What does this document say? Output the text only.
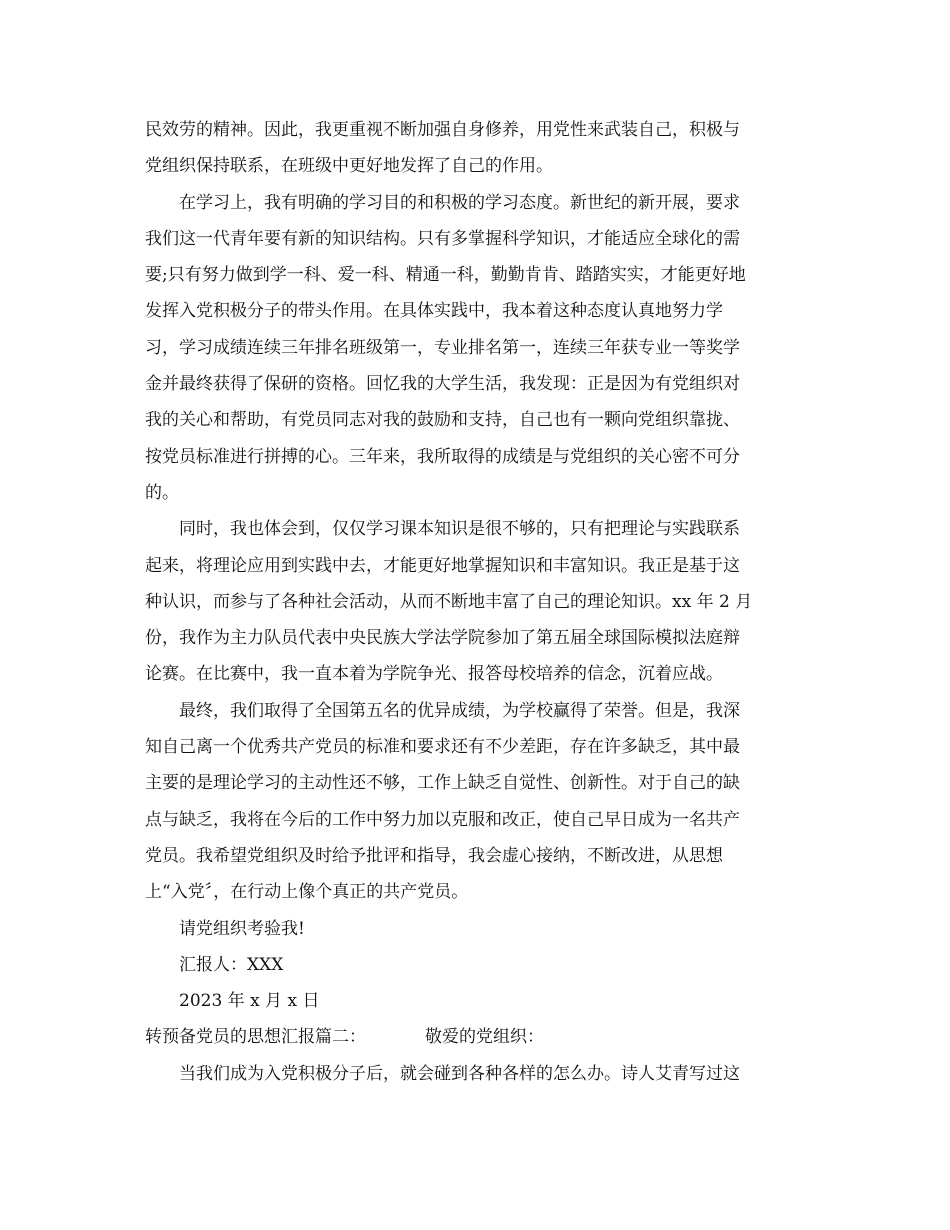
民效劳的精神。因此，我更重视不断加强自身修养，用党性来武装自己，积极与
党组织保持联系，在班级中更好地发挥了自己的作用。
在学习上，我有明确的学习目的和积极的学习态度。新世纪的新开展，要求
我们这一代青年要有新的知识结构。只有多掌握科学知识，才能适应全球化的需
要;只有努力做到学一科、爱一科、精通一科，勤勤肯肯、踏踏实实，才能更好地
发挥入党积极分子的带头作用。在具体实践中，我本着这种态度认真地努力学
习，学习成绩连续三年排名班级第一，专业排名第一，连续三年获专业一等奖学
金并最终获得了保研的资格。回忆我的大学生活，我发现：正是因为有党组织对
我的关心和帮助，有党员同志对我的鼓励和支持，自己也有一颗向党组织靠拢、
按党员标准进行拼搏的心。三年来，我所取得的成绩是与党组织的关心密不可分
的。
同时，我也体会到，仅仅学习课本知识是很不够的，只有把理论与实践联系
起来，将理论应用到实践中去，才能更好地掌握知识和丰富知识。我正是基于这
种认识，而参与了各种社会活动，从而不断地丰富了自己的理论知识。xx 年 2 月
份，我作为主力队员代表中央民族大学法学院参加了第五届全球国际模拟法庭辩
论赛。在比赛中，我一直本着为学院争光、报答母校培养的信念，沉着应战。
最终，我们取得了全国第五名的优异成绩，为学校赢得了荣誉。但是，我深
知自己离一个优秀共产党员的标准和要求还有不少差距，存在许多缺乏，其中最
主要的是理论学习的主动性还不够，工作上缺乏自觉性、创新性。对于自己的缺
点与缺乏，我将在今后的工作中努力加以克服和改正，使自己早日成为一名共产
党员。我希望党组织及时给予批评和指导，我会虚心接纳，不断改进，从思想
上“入党〞，在行动上像个真正的共产党员。
请党组织考验我!
汇报人：XXX
2023 年 x 月 x 日
转预备党员的思想汇报篇二：	敬爱的党组织：
当我们成为入党积极分子后，就会碰到各种各样的怎么办。诗人艾青写过这
